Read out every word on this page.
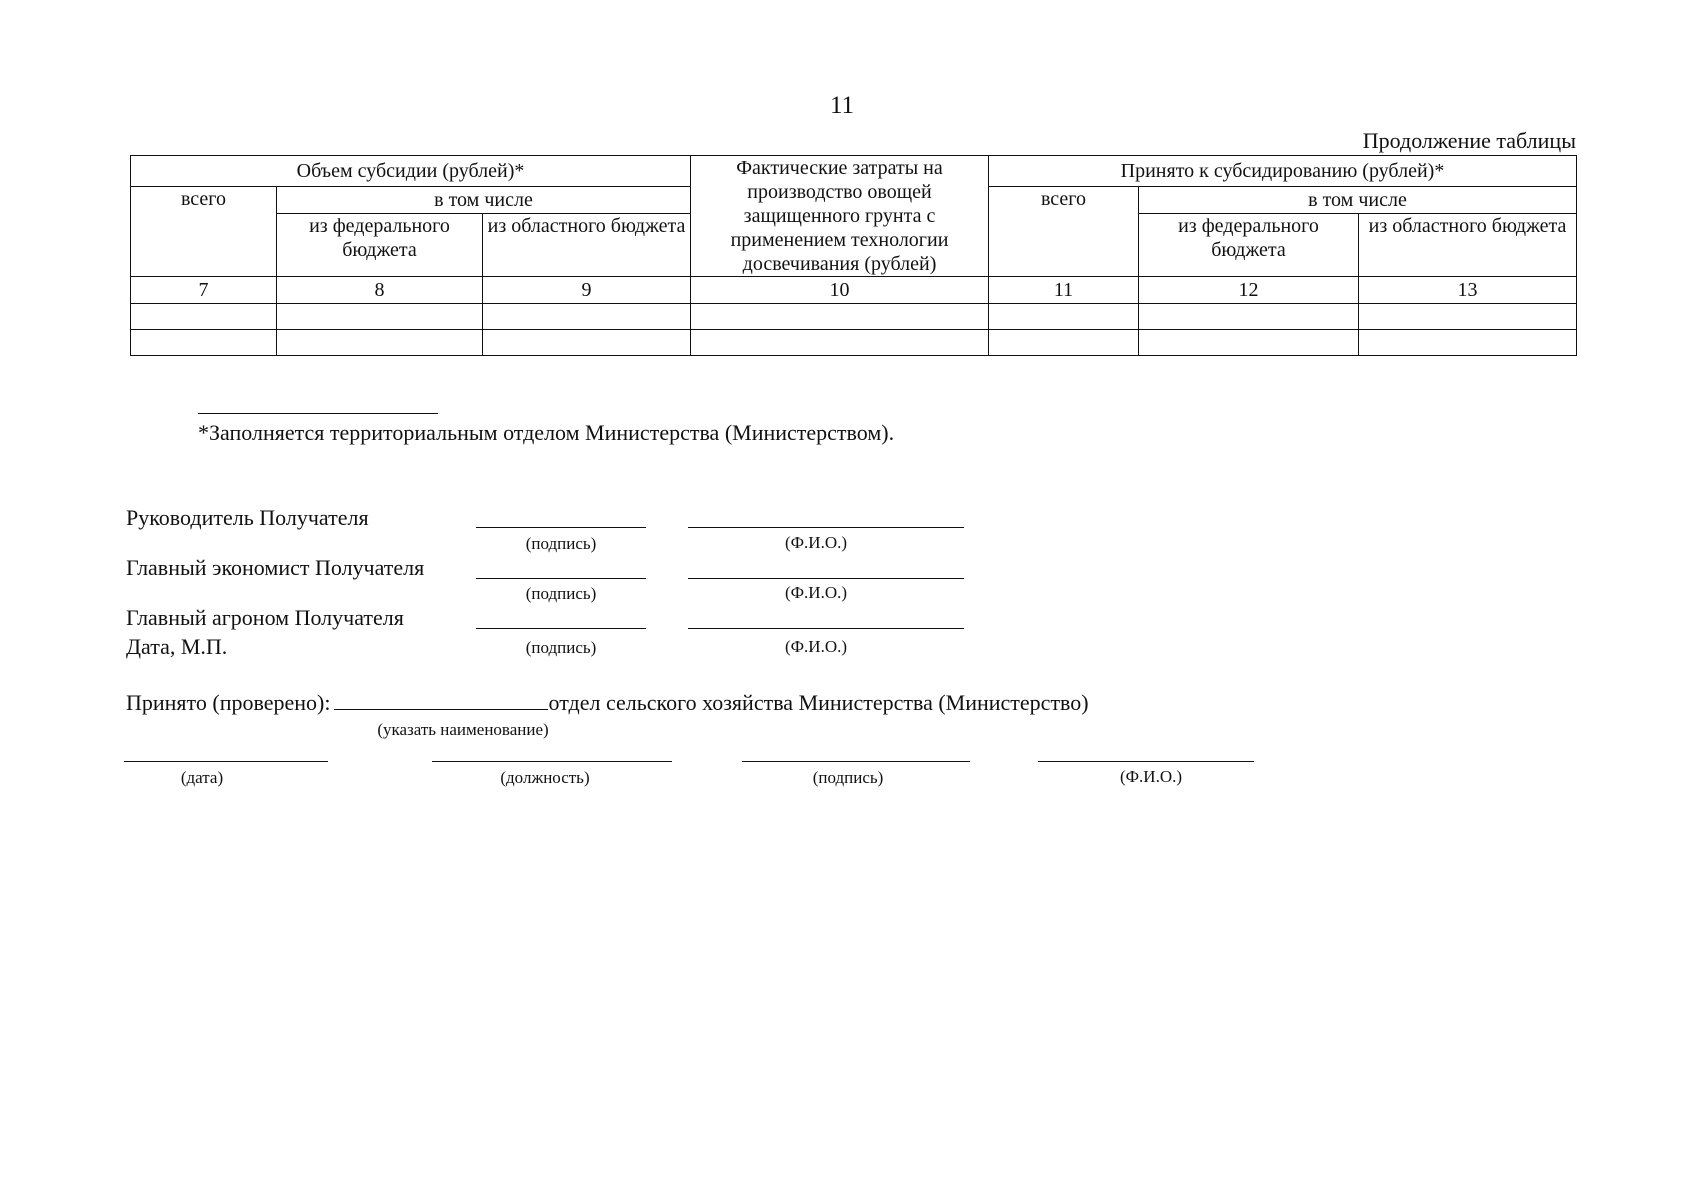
11
Продолжение таблицы
Объем субсидии (рублей)*			Фактические затраты на производство овощей защищенного грунта с применением технологии досвечивания (рублей)	Принято к субсидированию (рублей)*		
всего	в том числе			всего	в том числе	
	из федерального бюджета	из областного бюджета			из федерального бюджета	из областного бюджета
7	8	9	10	11	12	13

*Заполняется территориальным отделом Министерства (Министерством).
Руководитель Получателя
(подпись)	(Ф.И.О.)
Главный экономист Получателя
(подпись)	(Ф.И.О.)
Главный агроном Получателя
Дата, М.П.	(подпись)	(Ф.И.О.)
Принято (проверено):	отдел сельского хозяйства Министерства (Министерство)
(указать наименование)
(дата)	(должность)	(подпись)	(Ф.И.О.)
